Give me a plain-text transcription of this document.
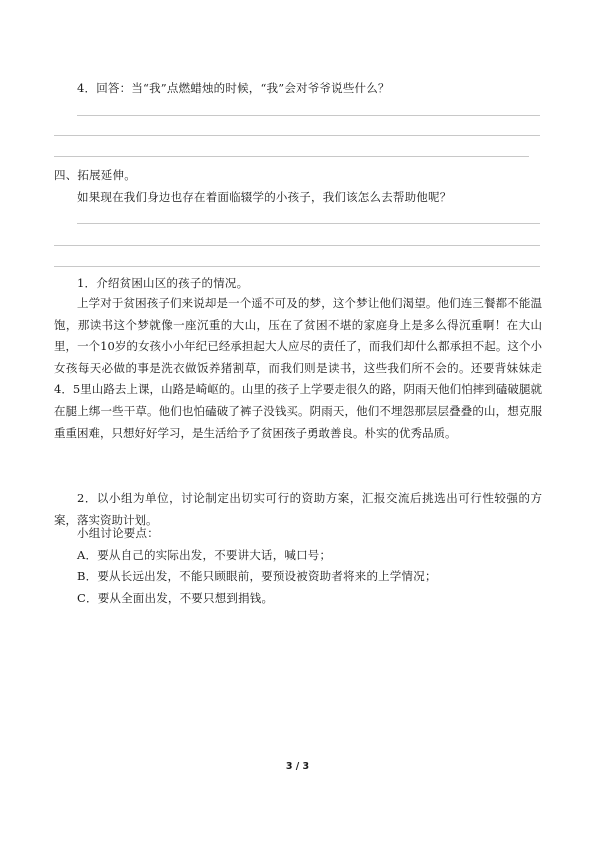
4．回答：当“我”点燃蜡烛的时候，“我”会对爷爷说些什么？
四、拓展延伸。
如果现在我们身边也存在着面临辍学的小孩子，我们该怎么去帮助他呢？
1．介绍贫困山区的孩子的情况。
上学对于贫困孩子们来说却是一个遥不可及的梦，这个梦让他们渴望。他们连三餐都不能温饱，那读书这个梦就像一座沉重的大山，压在了贫困不堪的家庭身上是多么得沉重啊！在大山里，一个10岁的女孩小小年纪已经承担起大人应尽的责任了，而我们却什么都承担不起。这个小女孩每天必做的事是洗衣做饭养猪割草，而我们则是读书，这些我们所不会的。还要背妹妹走4．5里山路去上课，山路是崎岖的。山里的孩子上学要走很久的路，阴雨天他们怕摔到磕破腿就在腿上绑一些干草。他们也怕磕破了裤子没钱买。阴雨天，他们不埋怨那层层叠叠的山，想克服重重困难，只想好好学习，是生活给予了贫困孩子勇敢善良。朴实的优秀品质。
2．以小组为单位，讨论制定出切实可行的资助方案，汇报交流后挑选出可行性较强的方案，落实资助计划。
小组讨论要点：
A．要从自己的实际出发，不要讲大话，喊口号；
B．要从长远出发，不能只顾眼前，要预设被资助者将来的上学情况；
C．要从全面出发，不要只想到捐钱。
3 / 3
